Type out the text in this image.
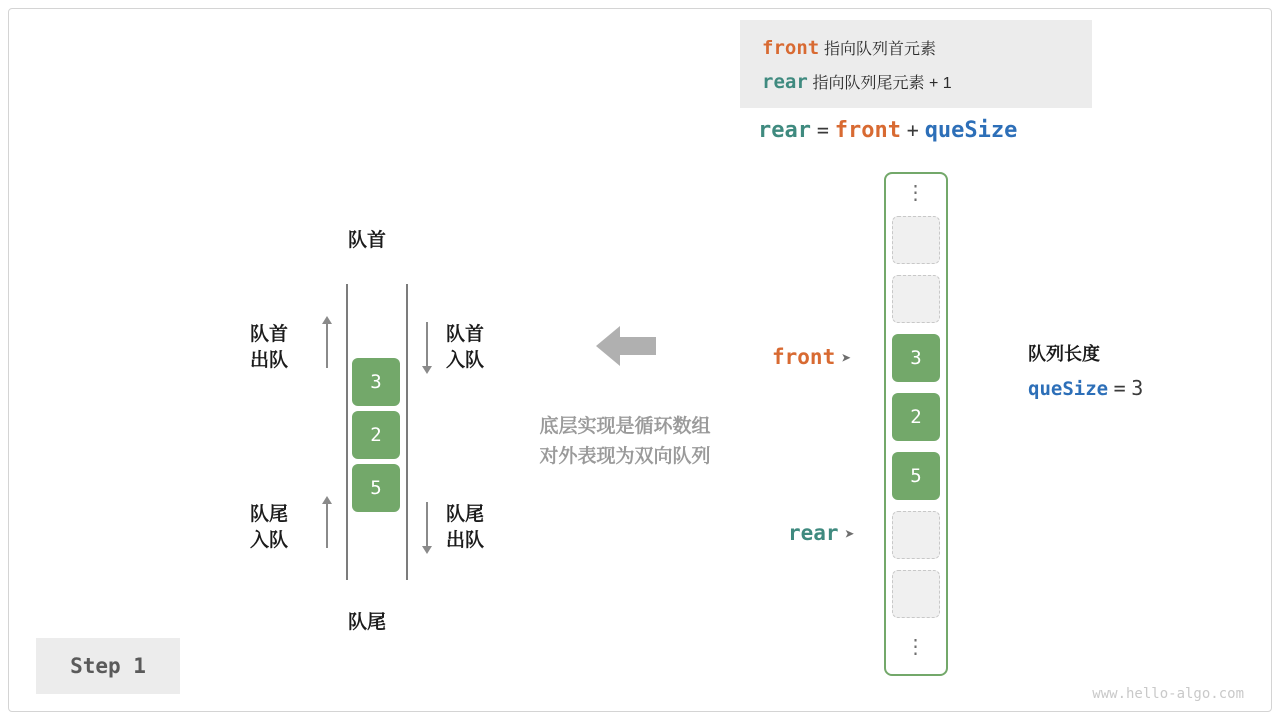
front 指向队列首元素
rear 指向队列尾元素 + 1
rear = front + queSize
队首
队尾
队首
出队
队尾
入队
队首
入队
队尾
出队
3
2
5
底层实现是循环数组
对外表现为双向队列
⋮
⋮
3
2
5
front ➤
rear ➤
队列长度
queSize = 3
Step 1
www.hello-algo.com
